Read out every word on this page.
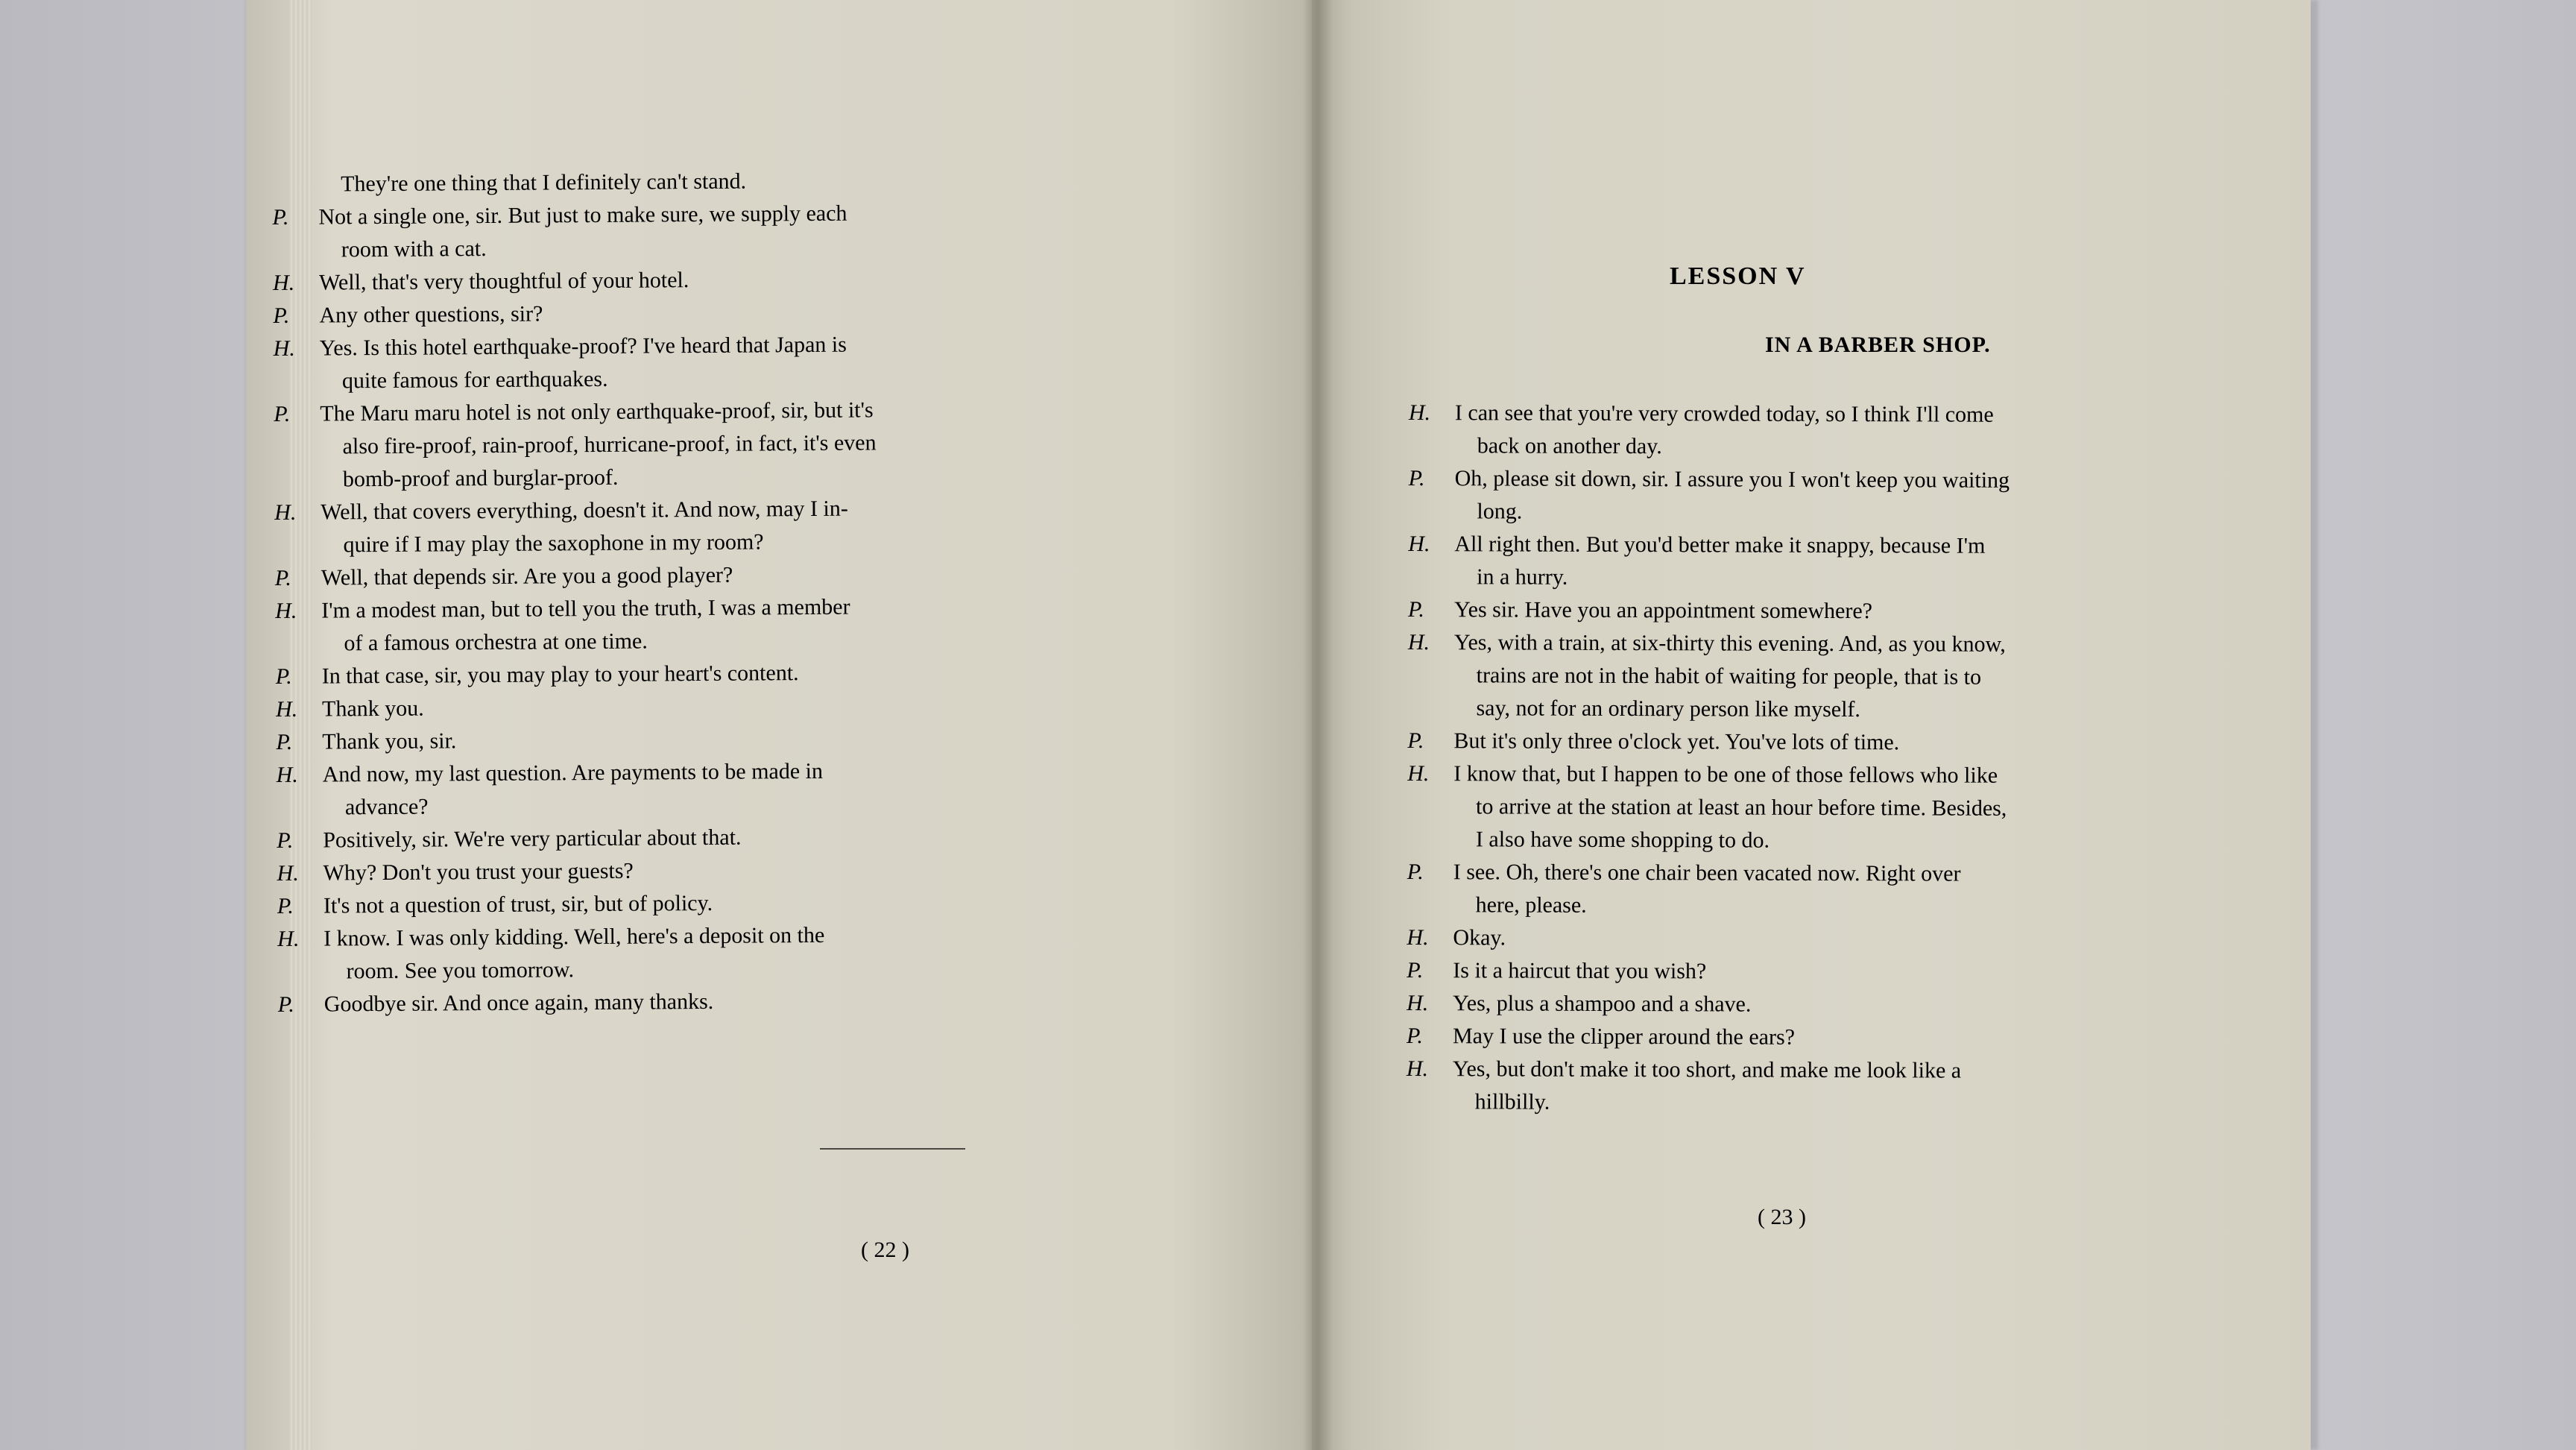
They're one thing that I definitely can't stand.
P.	Not a single one, sir. But just to make sure, we supply each
room with a cat.
H.	Well, that's very thoughtful of your hotel.
P.	Any other questions, sir?
H.	Yes. Is this hotel earthquake-proof? I've heard that Japan is
quite famous for earthquakes.
P.	The Maru maru hotel is not only earthquake-proof, sir, but it's
also fire-proof, rain-proof, hurricane-proof, in fact, it's even
bomb-proof and burglar-proof.
H.	Well, that covers everything, doesn't it. And now, may I in-
quire if I may play the saxophone in my room?
P.	Well, that depends sir. Are you a good player?
H.	I'm a modest man, but to tell you the truth, I was a member
of a famous orchestra at one time.
P.	In that case, sir, you may play to your heart's content.
H.	Thank you.
P.	Thank you, sir.
H.	And now, my last question. Are payments to be made in
advance?
P.	Positively, sir. We're very particular about that.
H.	Why? Don't you trust your guests?
P.	It's not a question of trust, sir, but of policy.
H.	I know. I was only kidding. Well, here's a deposit on the
room. See you tomorrow.
P.	Goodbye sir. And once again, many thanks.
( 22 )
LESSON V
IN A BARBER SHOP.
H.	I can see that you're very crowded today, so I think I'll come
back on another day.
P.	Oh, please sit down, sir. I assure you I won't keep you waiting
long.
H.	All right then. But you'd better make it snappy, because I'm
in a hurry.
P.	Yes sir. Have you an appointment somewhere?
H.	Yes, with a train, at six-thirty this evening. And, as you know,
trains are not in the habit of waiting for people, that is to
say, not for an ordinary person like myself.
P.	But it's only three o'clock yet. You've lots of time.
H.	I know that, but I happen to be one of those fellows who like
to arrive at the station at least an hour before time. Besides,
I also have some shopping to do.
P.	I see. Oh, there's one chair been vacated now. Right over
here, please.
H.	Okay.
P.	Is it a haircut that you wish?
H.	Yes, plus a shampoo and a shave.
P.	May I use the clipper around the ears?
H.	Yes, but don't make it too short, and make me look like a
hillbilly.
( 23 )
